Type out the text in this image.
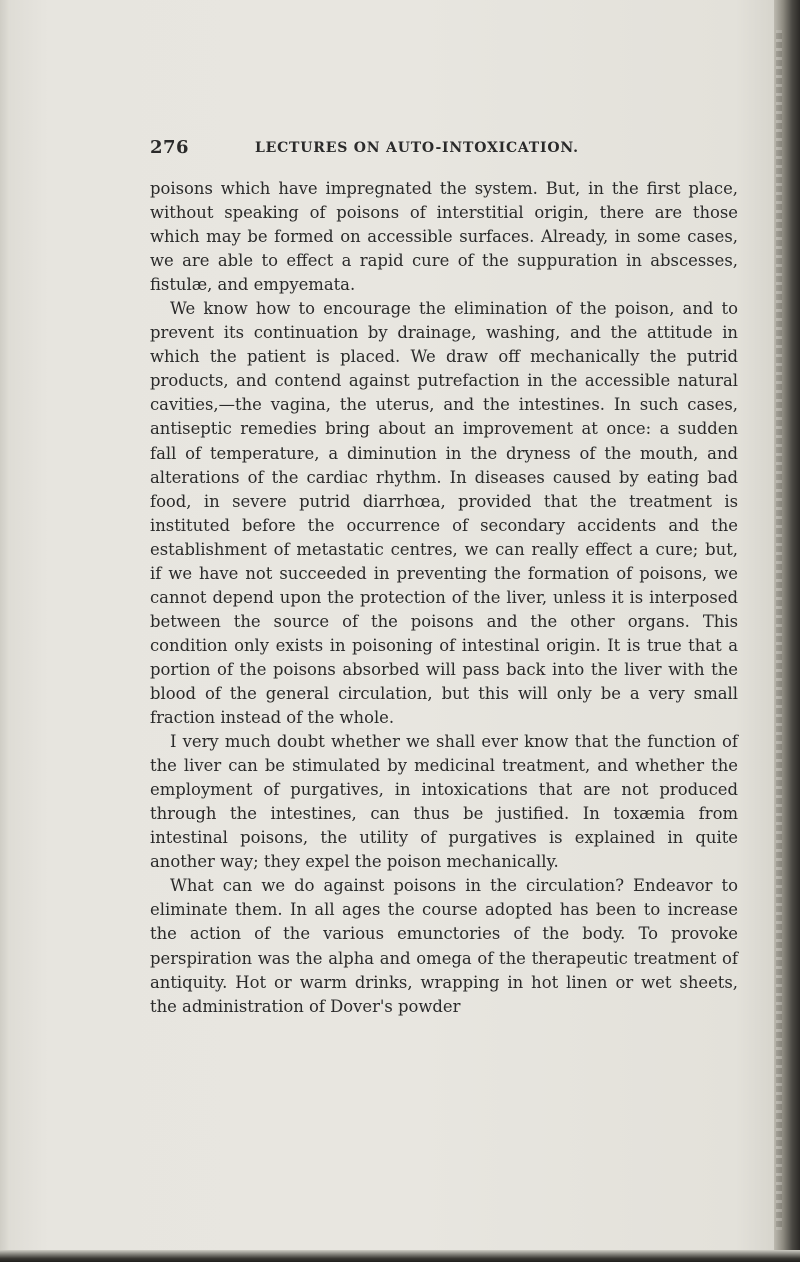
276	LECTURES ON AUTO-INTOXICATION.

poisons which have impregnated the system. But, in the first place, without speaking of poisons of interstitial origin, there are those which may be formed on accessible surfaces. Already, in some cases, we are able to effect a rapid cure of the suppuration in abscesses, fistulæ, and empyemata.

We know how to encourage the elimination of the poison, and to prevent its continuation by drainage, washing, and the attitude in which the patient is placed. We draw off mechanically the putrid products, and contend against putrefaction in the accessible natural cavities,—the vagina, the uterus, and the intestines. In such cases, antiseptic remedies bring about an improvement at once: a sudden fall of temperature, a diminution in the dryness of the mouth, and alterations of the cardiac rhythm. In diseases caused by eating bad food, in severe putrid diarrhœa, provided that the treatment is instituted before the occurrence of secondary accidents and the establishment of metastatic centres, we can really effect a cure; but, if we have not succeeded in preventing the formation of poisons, we cannot depend upon the protection of the liver, unless it is interposed between the source of the poisons and the other organs. This condition only exists in poisoning of intestinal origin. It is true that a portion of the poisons absorbed will pass back into the liver with the blood of the general circulation, but this will only be a very small fraction instead of the whole.

I very much doubt whether we shall ever know that the function of the liver can be stimulated by medicinal treatment, and whether the employment of purgatives, in intoxications that are not produced through the intestines, can thus be justified. In toxæmia from intestinal poisons, the utility of purgatives is explained in quite another way; they expel the poison mechanically.

What can we do against poisons in the circulation? Endeavor to eliminate them. In all ages the course adopted has been to increase the action of the various emunctories of the body. To provoke perspiration was the alpha and omega of the therapeutic treatment of antiquity. Hot or warm drinks, wrapping in hot linen or wet sheets, the administration of Dover's powder
